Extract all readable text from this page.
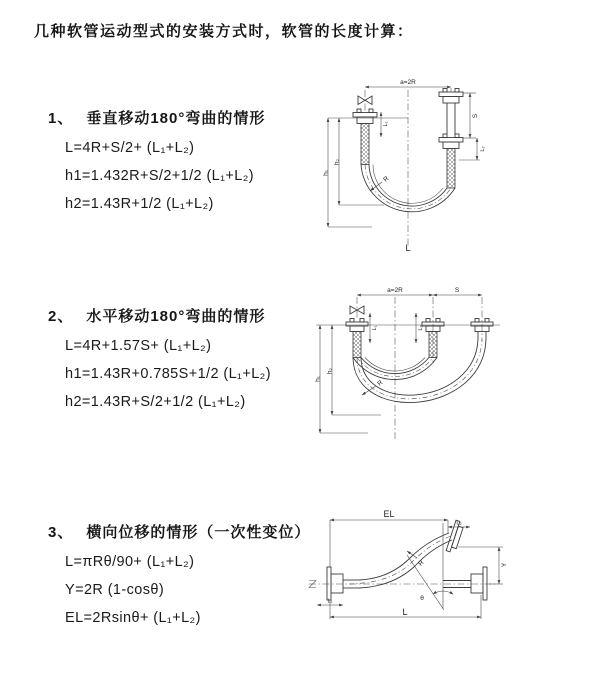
几种软管运动型式的安装方式时，软管的长度计算：
1、 垂直移动180°弯曲的情形
L=4R+S/2+ (L₁+L₂)
h1=1.432R+S/2+1/2 (L₁+L₂)
h2=1.43R+1/2 (L₁+L₂)
2、 水平移动180°弯曲的情形
L=4R+1.57S+ (L₁+L₂)
h1=1.43R+0.785S+1/2 (L₁+L₂)
h2=1.43R+S/2+1/2 (L₁+L₂)
3、 横向位移的情形（一次性变位）
L=πRθ/90+ (L₁+L₂)
Y=2R (1-cosθ)
EL=2Rsinθ+ (L₁+L₂)
a=2R
h₁
h₂
L₁
S
L₂
R
L
a=2R	S
h₁
h₂
L₁	L₂
R
EL
L₂
θ
R	Y
L₁
L
